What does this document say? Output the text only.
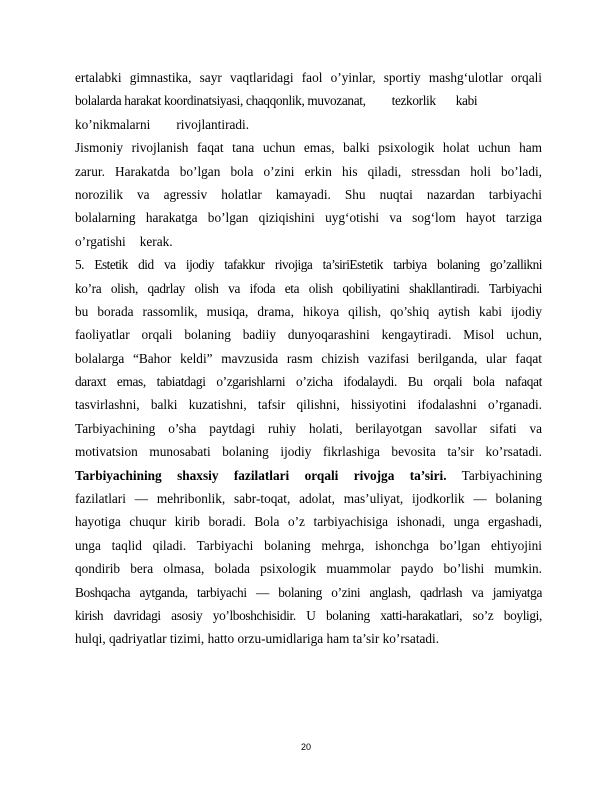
ertalabki gimnastika, sayr vaqtlaridagi faol o’yinlar, sportiy mashg‘ulotlar orqali
bolalarda harakat koordinatsiyasi, chaqqonlik, muvozanat, tezkorlik kabi
ko’nikmalarni rivojlantiradi.
Jismoniy rivojlanish faqat tana uchun emas, balki psixologik holat uchun ham
zarur. Harakatda bo’lgan bola o’zini erkin his qiladi, stressdan holi bo’ladi,
norozilik va agressiv holatlar kamayadi. Shu nuqtai nazardan tarbiyachi
bolalarning harakatga bo’lgan qiziqishini uyg‘otishi va sog‘lom hayot tarziga
o’rgatishi kerak.
5. Estetik did va ijodiy tafakkur rivojiga ta’siriEstetik tarbiya bolaning go’zallikni
ko’ra olish, qadrlay olish va ifoda eta olish qobiliyatini shakllantiradi. Tarbiyachi
bu borada rassomlik, musiqa, drama, hikoya qilish, qo’shiq aytish kabi ijodiy
faoliyatlar orqali bolaning badiiy dunyoqarashini kengaytiradi. Misol uchun,
bolalarga “Bahor keldi” mavzusida rasm chizish vazifasi berilganda, ular faqat
daraxt emas, tabiatdagi o’zgarishlarni o’zicha ifodalaydi. Bu orqali bola nafaqat
tasvirlashni, balki kuzatishni, tafsir qilishni, hissiyotini ifodalashni o’rganadi.
Tarbiyachining o’sha paytdagi ruhiy holati, berilayotgan savollar sifati va
motivatsion munosabati bolaning ijodiy fikrlashiga bevosita ta’sir ko’rsatadi.
Tarbiyachining shaxsiy fazilatlari orqali rivojga ta’siri. Tarbiyachining
fazilatlari — mehribonlik, sabr-toqat, adolat, mas’uliyat, ijodkorlik — bolaning
hayotiga chuqur kirib boradi. Bola o’z tarbiyachisiga ishonadi, unga ergashadi,
unga taqlid qiladi. Tarbiyachi bolaning mehrga, ishonchga bo’lgan ehtiyojini
qondirib bera olmasa, bolada psixologik muammolar paydo bo’lishi mumkin.
Boshqacha aytganda, tarbiyachi — bolaning o’zini anglash, qadrlash va jamiyatga
kirish davridagi asosiy yo’lboshchisidir. U bolaning xatti-harakatlari, so’z boyligi,
hulqi, qadriyatlar tizimi, hatto orzu-umidlariga ham ta’sir ko’rsatadi.
20
